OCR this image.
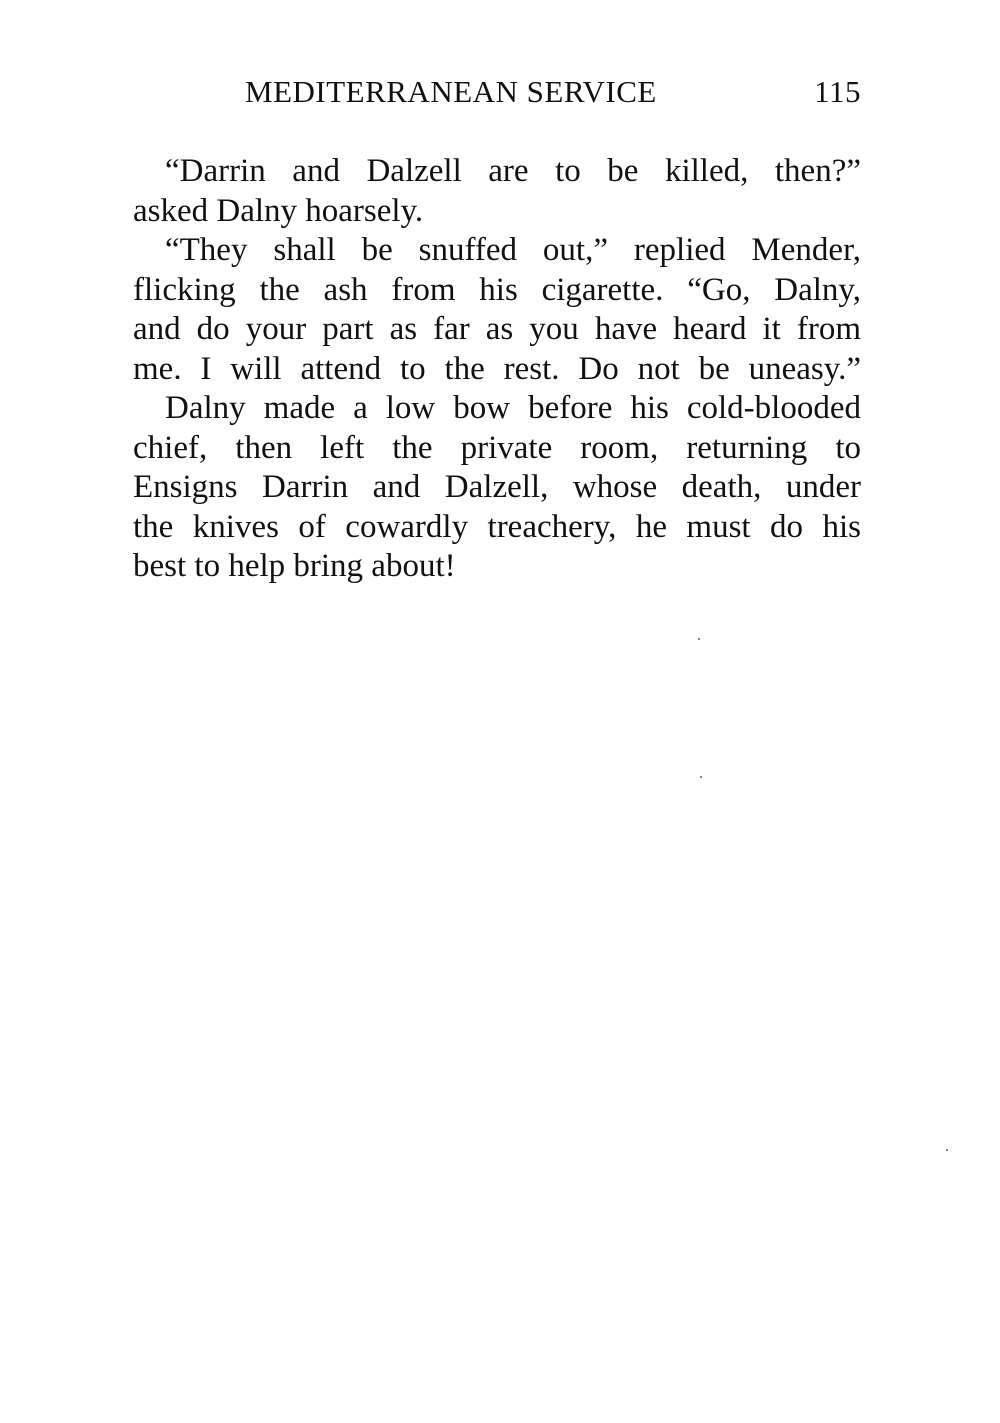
MEDITERRANEAN SERVICE	115
“Darrin and Dalzell are to be killed, then?”
asked Dalny hoarsely.
“They shall be snuffed out,” replied Mender,
flicking the ash from his cigarette. “Go, Dalny,
and do your part as far as you have heard it from
me. I will attend to the rest. Do not be uneasy.”
Dalny made a low bow before his cold-blooded
chief, then left the private room, returning to
Ensigns Darrin and Dalzell, whose death, under
the knives of cowardly treachery, he must do his
best to help bring about!
